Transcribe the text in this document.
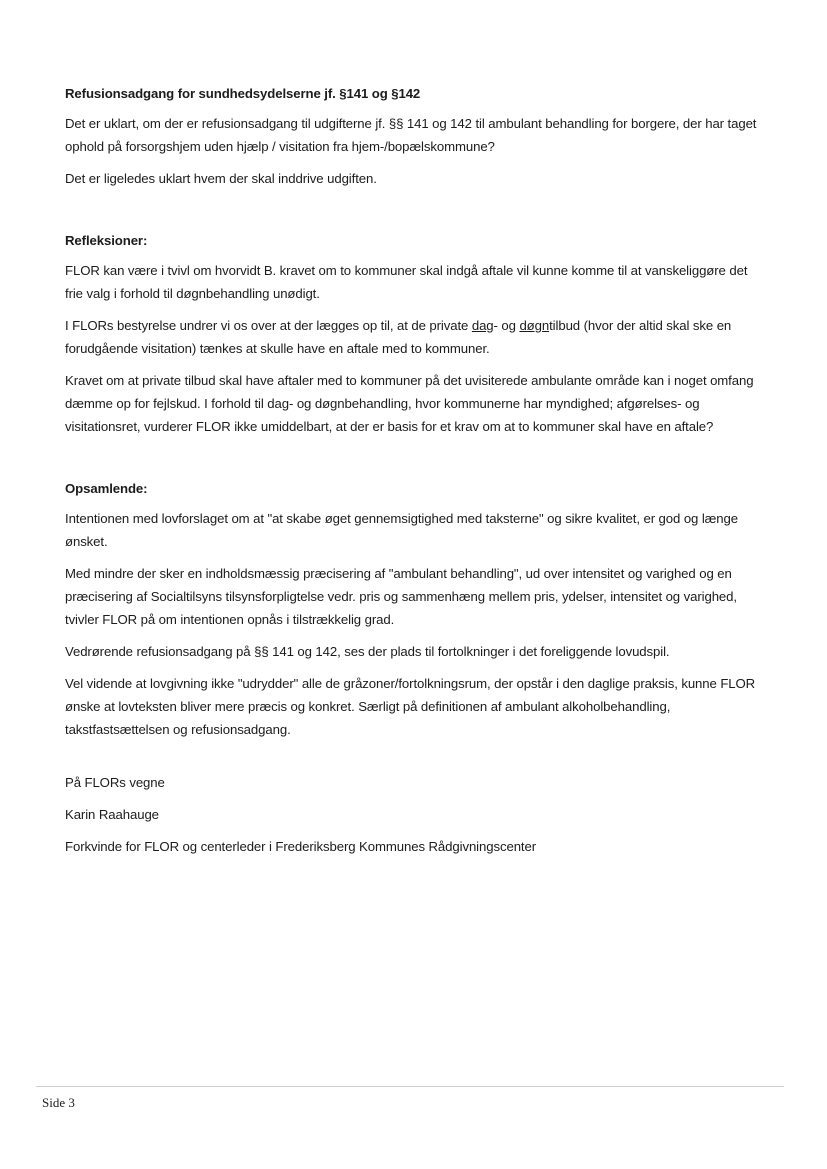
Refusionsadgang for sundhedsydelserne jf. §141 og §142
Det er uklart, om der er refusionsadgang til udgifterne jf. §§ 141 og 142 til ambulant behandling for borgere, der har taget ophold på forsorgshjem uden hjælp / visitation fra hjem-/bopælskommune?
Det er ligeledes uklart hvem der skal inddrive udgiften.
Refleksioner:
FLOR kan være i tvivl om hvorvidt B. kravet om to kommuner skal indgå aftale vil kunne komme til at vanskeliggøre det frie valg i forhold til døgnbehandling unødigt.
I FLORs bestyrelse undrer vi os over at der lægges op til, at de private dag- og døgntilbud (hvor der altid skal ske en forudgående visitation) tænkes at skulle have en aftale med to kommuner.
Kravet om at private tilbud skal have aftaler med to kommuner på det uvisiterede ambulante område kan i noget omfang dæmme op for fejlskud. I forhold til dag- og døgnbehandling, hvor kommunerne har myndighed; afgørelses- og visitationsret, vurderer FLOR ikke umiddelbart, at der er basis for et krav om at to kommuner skal have en aftale?
Opsamlende:
Intentionen med lovforslaget om at "at skabe øget gennemsigtighed med taksterne" og sikre kvalitet, er god og længe ønsket.
Med mindre der sker en indholdsmæssig præcisering af "ambulant behandling", ud over intensitet og varighed og en præcisering af Socialtilsyns tilsynsforpligtelse vedr. pris og sammenhæng mellem pris, ydelser, intensitet og varighed, tvivler FLOR på om intentionen opnås i tilstrækkelig grad.
Vedrørende refusionsadgang på §§ 141 og 142, ses der plads til fortolkninger i det foreliggende lovudspil.
Vel vidende at lovgivning ikke "udrydder" alle de gråzoner/fortolkningsrum, der opstår i den daglige praksis, kunne FLOR ønske at lovteksten bliver mere præcis og konkret. Særligt på definitionen af ambulant alkoholbehandling, takstfastsættelsen og refusionsadgang.
På FLORs vegne
Karin Raahauge
Forkvinde for FLOR og centerleder i Frederiksberg Kommunes Rådgivningscenter
Side 3
